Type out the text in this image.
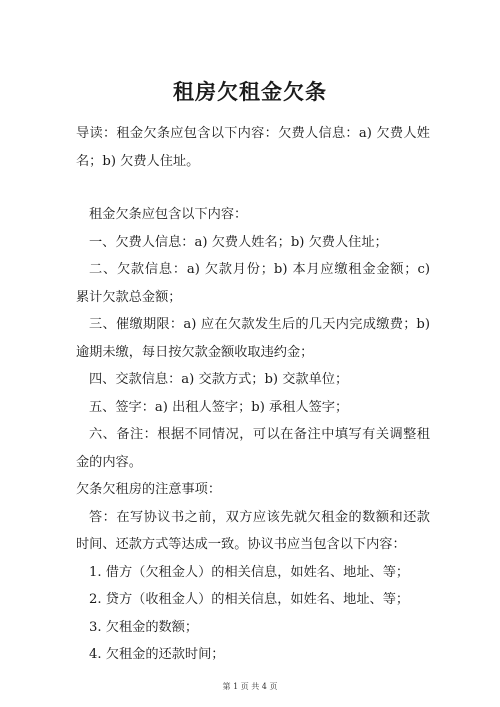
租房欠租金欠条

导读：租金欠条应包含以下内容：欠费人信息：a) 欠费人姓名；b) 欠费人住址。

租金欠条应包含以下内容：

一、欠费人信息：a) 欠费人姓名；b) 欠费人住址；

二、欠款信息：a) 欠款月份；b) 本月应缴租金金额；c) 累计欠款总金额；

三、催缴期限：a) 应在欠款发生后的几天内完成缴费；b) 逾期未缴，每日按欠款金额收取违约金；

四、交款信息：a) 交款方式；b) 交款单位；

五、签字：a) 出租人签字；b) 承租人签字；

六、备注：根据不同情况，可以在备注中填写有关调整租金的内容。

欠条欠租房的注意事项：

答：在写协议书之前，双方应该先就欠租金的数额和还款时间、还款方式等达成一致。协议书应当包含以下内容：

1. 借方（欠租金人）的相关信息，如姓名、地址、等；

2. 贷方（收租金人）的相关信息，如姓名、地址、等；

3. 欠租金的数额；

4. 欠租金的还款时间；

第 1 页 共 4 页
